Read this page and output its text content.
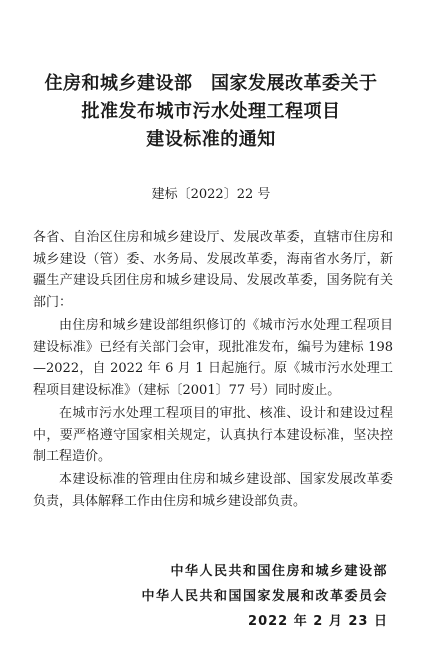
住房和城乡建设部　国家发展改革委关于
批准发布城市污水处理工程项目
建设标准的通知
建标〔2022〕22 号
各省、自治区住房和城乡建设厅、发展改革委，直辖市住房和城乡建设（管）委、水务局、发展改革委，海南省水务厅，新疆生产建设兵团住房和城乡建设局、发展改革委，国务院有关部门：

由住房和城乡建设部组织修订的《城市污水处理工程项目建设标准》已经有关部门会审，现批准发布，编号为建标 198—2022，自 2022 年 6 月 1 日起施行。原《城市污水处理工程项目建设标准》（建标〔2001〕77 号）同时废止。

在城市污水处理工程项目的审批、核准、设计和建设过程中，要严格遵守国家相关规定，认真执行本建设标准，坚决控制工程造价。

本建设标准的管理由住房和城乡建设部、国家发展改革委负责，具体解释工作由住房和城乡建设部负责。

中华人民共和国住房和城乡建设部
中华人民共和国国家发展和改革委员会
2022 年 2 月 23 日
